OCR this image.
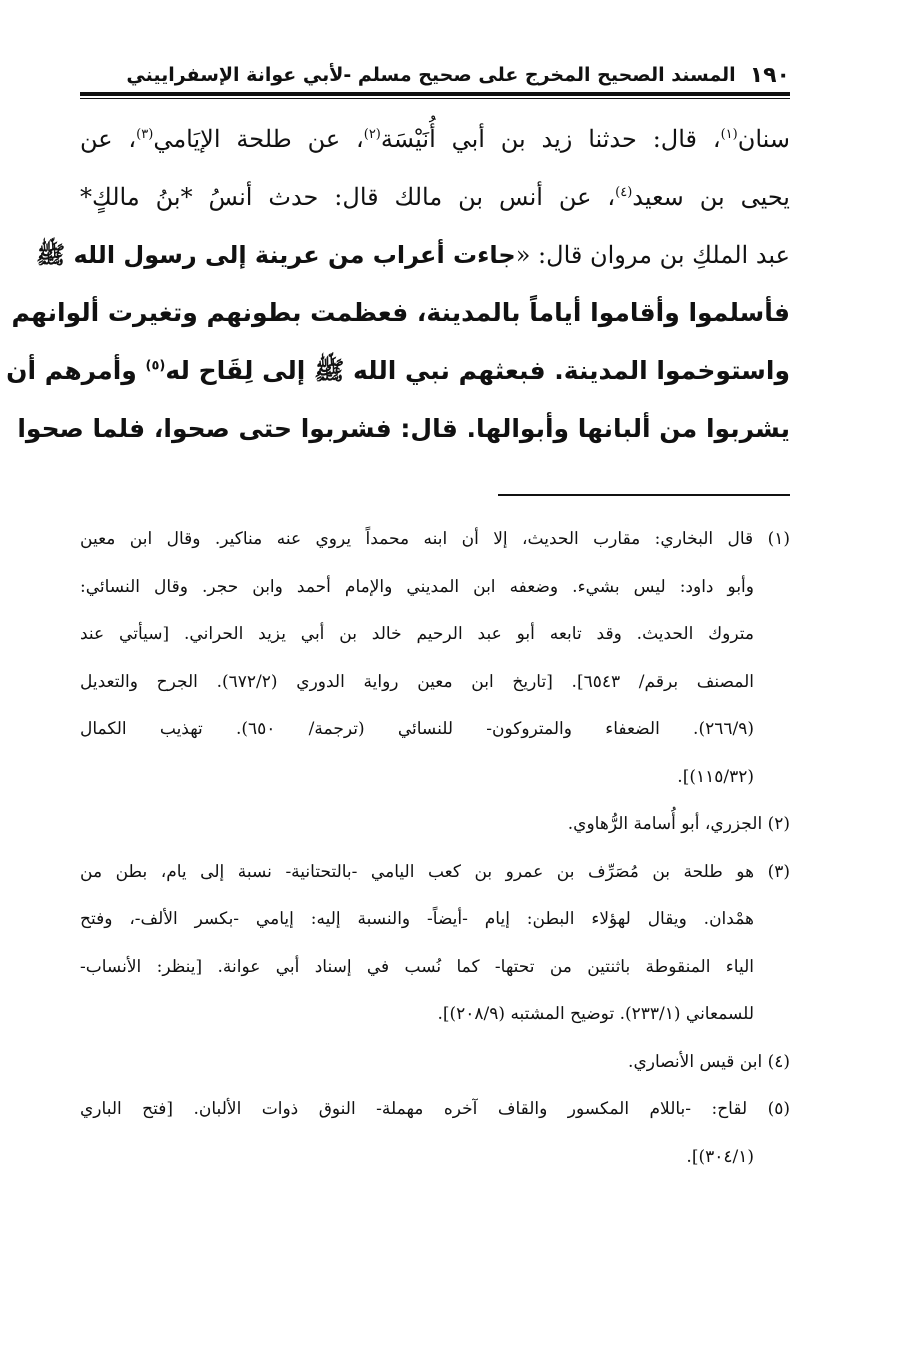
١٩٠
المسند الصحيح المخرج على صحيح مسلم -لأبي عوانة الإسفراييني
سنان$^{(١)}$، قال: حدثنا زيد بن أبي أُنَيْسَة$^{(٢)}$، عن طلحة الإيَامي$^{(٣)}$، عن
يحيى بن سعيد$^{(٤)}$، عن أنس بن مالك قال: حدث أنسُ *بنُ مالكٍ*
عبد الملكِ بن مروان قال: «جاءت أعراب من عرينة إلى رسول الله ﷺ
فأسلموا وأقاموا أياماً بالمدينة، فعظمت بطونهم وتغيرت ألوانهم
واستوخموا المدينة. فبعثهم نبي الله ﷺ إلى لِقَاح له$^{(٥)}$ وأمرهم أن
يشربوا من ألبانها وأبوالها. قال: فشربوا حتى صحوا، فلما صحوا
(١) قال البخاري: مقارب الحديث، إلا أن ابنه محمداً يروي عنه مناكير. وقال ابن معين
وأبو داود: ليس بشيء. وضعفه ابن المديني والإمام أحمد وابن حجر. وقال النسائي:
متروك الحديث. وقد تابعه أبو عبد الرحيم خالد بن أبي يزيد الحراني. [سيأتي عند
المصنف برقم/ ٦٥٤٣]. [تاريخ ابن معين رواية الدوري (٦٧٢/٢). الجرح والتعديل
(٢٦٦/٩). الضعفاء والمتروكون- للنسائي (ترجمة/ ٦٥٠). تهذيب الكمال
(١١٥/٣٢)].
(٢) الجزري، أبو أُسامة الرُّهاوي.
(٣) هو طلحة بن مُصَرِّف بن عمرو بن كعب اليامي -بالتحتانية- نسبة إلى يام، بطن من
همْدان. ويقال لهؤلاء البطن: إيام -أيضاً- والنسبة إليه: إيامي -بكسر الألف-، وفتح
الياء المنقوطة باثنتين من تحتها- كما نُسب في إسناد أبي عوانة. [ينظر: الأنساب-
للسمعاني (٢٣٣/١). توضيح المشتبه (٢٠٨/٩)].
(٤) ابن قيس الأنصاري.
(٥) لقاح: -باللام المكسور والقاف آخره مهملة- النوق ذوات الألبان. [فتح الباري
(٣٠٤/١)].
